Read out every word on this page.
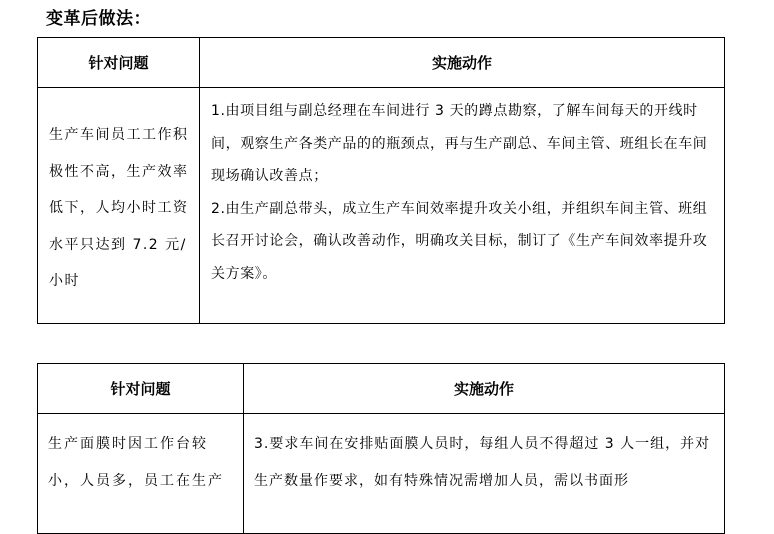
变革后做法：
针对问题	实施动作

生产车间员工工作积极性不高，生产效率低下，人均小时工资水平只达到 7.2 元/小时	1.由项目组与副总经理在车间进行 3 天的蹲点勘察，了解车间每天的开线时间，观察生产各类产品的的瓶颈点，再与生产副总、车间主管、班组长在车间现场确认改善点；
2.由生产副总带头，成立生产车间效率提升攻关小组，并组织车间主管、班组长召开讨论会，确认改善动作，明确攻关目标，制订了《生产车间效率提升攻关方案》。
针对问题	实施动作

生产面膜时因工作台较小，人员多，员工在生产	3.要求车间在安排贴面膜人员时，每组人员不得超过 3 人一组，并对生产数量作要求，如有特殊情况需增加人员，需以书面形
